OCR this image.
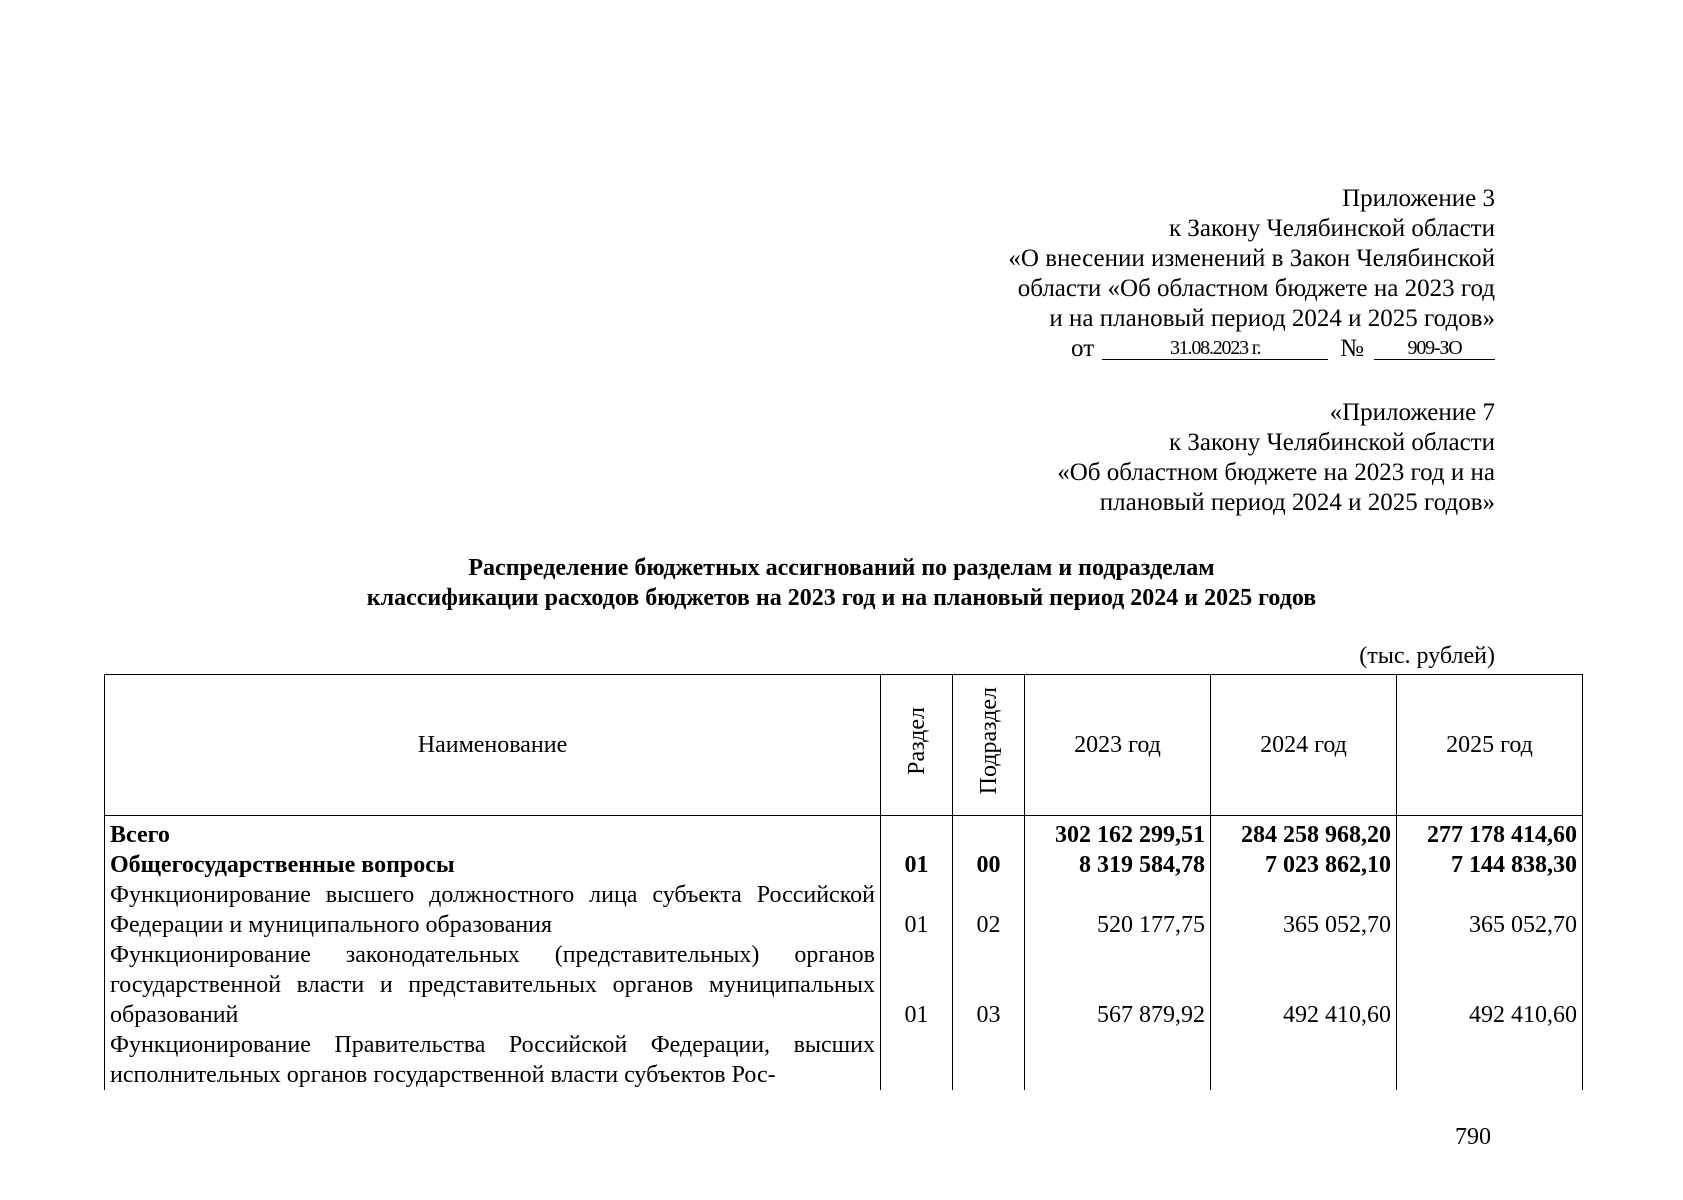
Приложение 3
к Закону Челябинской области
«О внесении изменений в Закон Челябинской
области «Об областном бюджете на 2023 год
и на плановый период 2024 и 2025 годов»
от	31.08.2023 г.	№ 909-ЗО
«Приложение 7
к Закону Челябинской области
«Об областном бюджете на 2023 год и на
плановый период 2024 и 2025 годов»
Распределение бюджетных ассигнований по разделам и подразделам
классификации расходов бюджетов на 2023 год и на плановый период 2024 и 2025 годов
(тыс. рублей)
Наименование	Раздел	Подраздел	2023 год	2024 год	2025 год
Всего			302 162 299,51	284 258 968,20	277 178 414,60
Общегосударственные вопросы	01	00	8 319 584,78	7 023 862,10	7 144 838,30
Функционирование высшего должностного лица субъекта Российской Федерации и муниципального образования	01	02	520 177,75	365 052,70	365 052,70
Функционирование законодательных (представительных) органов государственной власти и представительных органов муниципальных образований	01	03	567 879,92	492 410,60	492 410,60
Функционирование Правительства Российской Федерации, высших исполнительных органов государственной власти субъектов Рос-					
790
